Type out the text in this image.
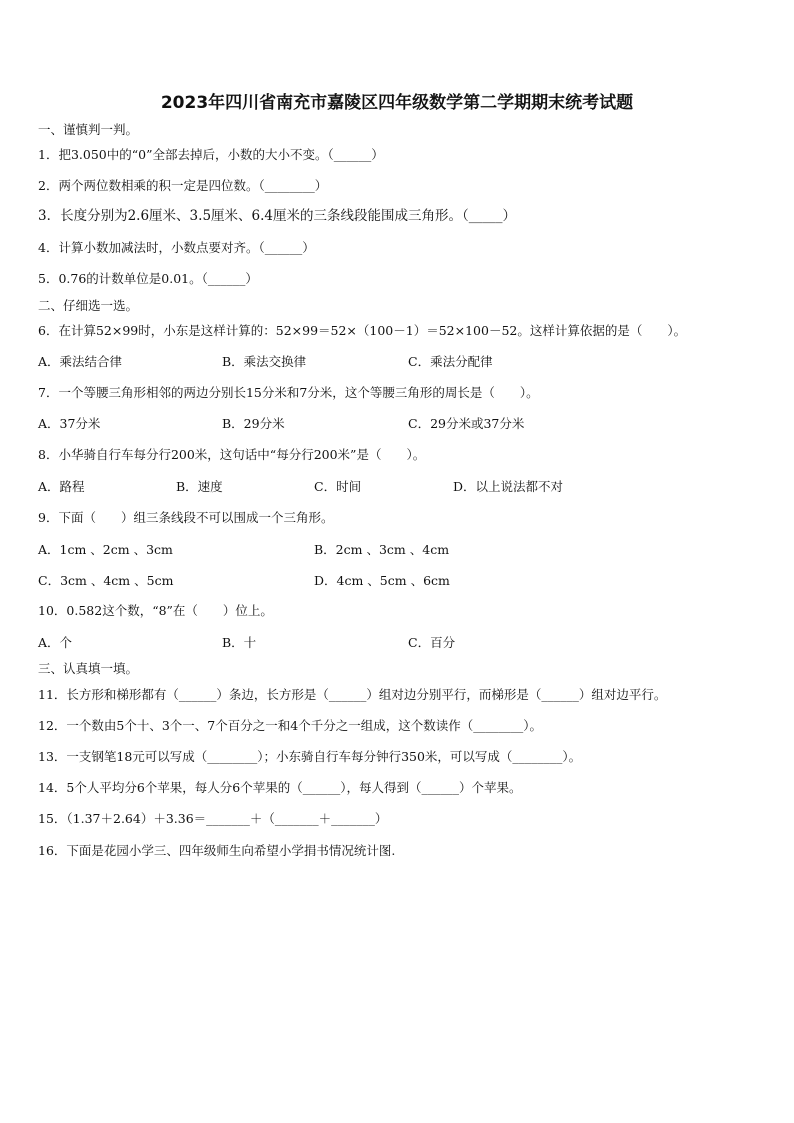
2023年四川省南充市嘉陵区四年级数学第二学期期末统考试题
一、谨慎判一判。
1．把3.050中的“0”全部去掉后，小数的大小不变。（______）
2．两个两位数相乘的积一定是四位数。（________）
3．长度分别为2.6厘米、3.5厘米、6.4厘米的三条线段能围成三角形。（_____）
4．计算小数加减法时，小数点要对齐。（______）
5．0.76的计数单位是0.01。（______）
二、仔细选一选。
6．在计算52×99时，小东是这样计算的：52×99＝52×（100－1）＝52×100－52。这样计算依据的是（　　）。
A．乘法结合律	B．乘法交换律	C．乘法分配律
7．一个等腰三角形相邻的两边分别长15分米和7分米，这个等腰三角形的周长是（　　）。
A．37分米	B．29分米	C．29分米或37分米
8．小华骑自行车每分行200米，这句话中“每分行200米”是（　　）。
A．路程	B．速度	C．时间	D．以上说法都不对
9．下面（　　）组三条线段不可以围成一个三角形。
A．1cm 、2cm 、3cm	B．2cm 、3cm 、4cm
C．3cm 、4cm 、5cm	D．4cm 、5cm 、6cm
10．0.582这个数，“8”在（　　）位上。
A．个	B．十	C．百分
三、认真填一填。
11．长方形和梯形都有（______）条边，长方形是（______）组对边分别平行，而梯形是（______）组对边平行。
12．一个数由5个十、3个一、7个百分之一和4个千分之一组成，这个数读作（________）。
13．一支钢笔18元可以写成（________）；小东骑自行车每分钟行350米，可以写成（________）。
14．5个人平均分6个苹果，每人分6个苹果的（______），每人得到（______）个苹果。
15．（1.37＋2.64）＋3.36＝_______＋（_______＋_______）
16．下面是花园小学三、四年级师生向希望小学捐书情况统计图.
